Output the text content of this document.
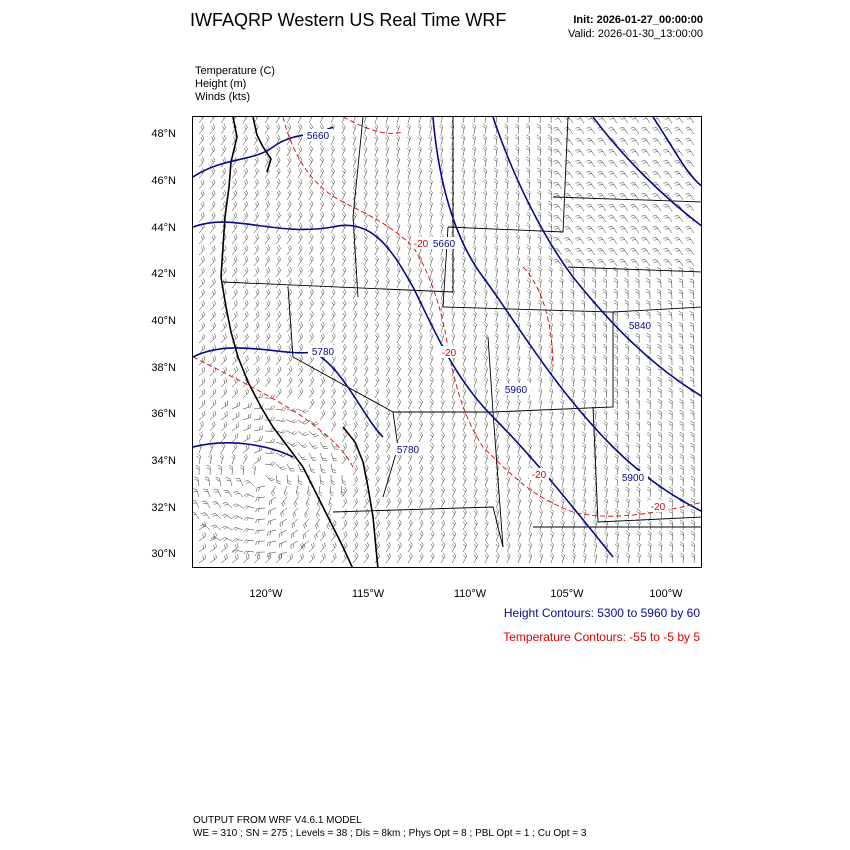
IWFAQRP Western US Real Time WRF	Init: 2026-01-27_00:00:00
Valid: 2026-01-30_13:00:00
Temperature (C)
Height (m)
Winds (kts)
5660
5660
5780
5840
5960
5780
5900
-20
-20
-20
-20
48°N
46°N
44°N
42°N
40°N
38°N
36°N
34°N
32°N
30°N
120°W	115°W	110°W	105°W	100°W
Height Contours: 5300 to 5960 by 60
Temperature Contours: -55 to -5 by 5
OUTPUT FROM WRF V4.6.1 MODEL
WE = 310 ; SN = 275 ; Levels = 38 ; Dis = 8km ; Phys Opt = 8 ; PBL Opt = 1 ; Cu Opt = 3
